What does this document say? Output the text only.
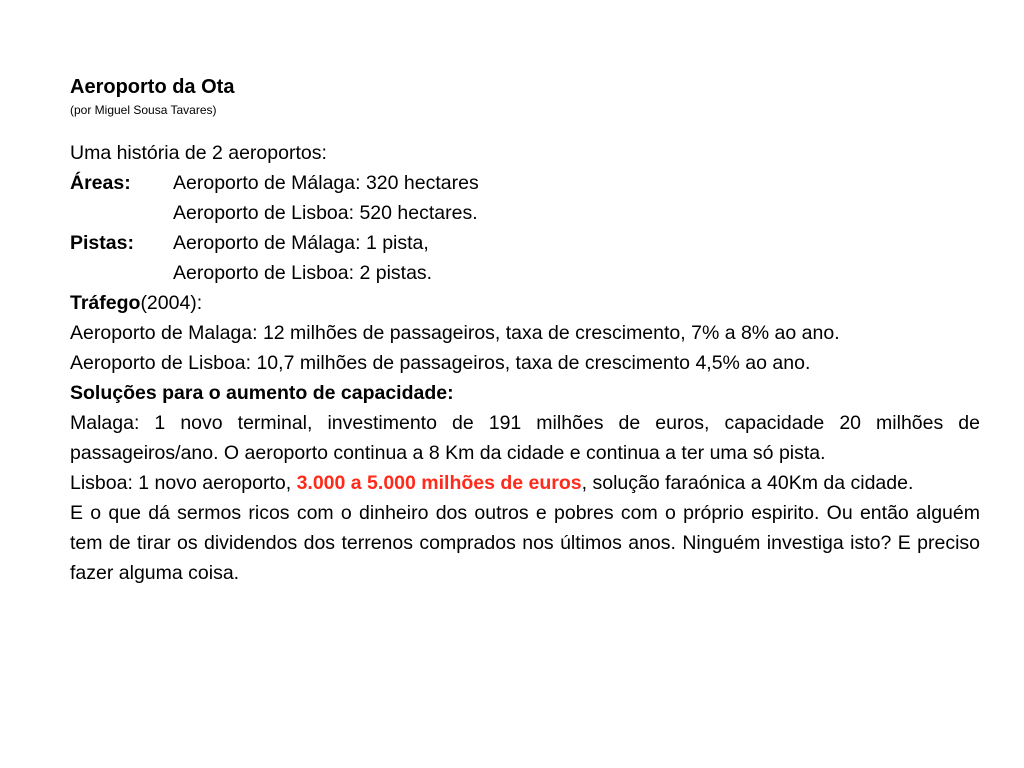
Aeroporto da Ota

(por Miguel Sousa Tavares)

Uma história de 2 aeroportos:

Áreas: Aeroporto de Málaga: 320 hectares

Aeroporto de Lisboa: 520 hectares.

Pistas: Aeroporto de Málaga: 1 pista,

Aeroporto de Lisboa: 2 pistas.

Tráfego(2004):

Aeroporto de Malaga: 12 milhões de passageiros, taxa de crescimento, 7% a 8% ao ano.

Aeroporto de Lisboa: 10,7 milhões de passageiros, taxa de crescimento 4,5% ao ano.

Soluções para o aumento de capacidade:

Malaga: 1 novo terminal, investimento de 191 milhões de euros, capacidade 20 milhões de passageiros/ano. O aeroporto continua a 8 Km da cidade e continua a ter uma só pista.

Lisboa: 1 novo aeroporto, 3.000 a 5.000 milhões de euros, solução faraónica a 40Km da cidade.

E o que dá sermos ricos com o dinheiro dos outros e pobres com o próprio espirito. Ou então alguém tem de tirar os dividendos dos terrenos comprados nos últimos anos. Ninguém investiga isto? E preciso fazer alguma coisa.
